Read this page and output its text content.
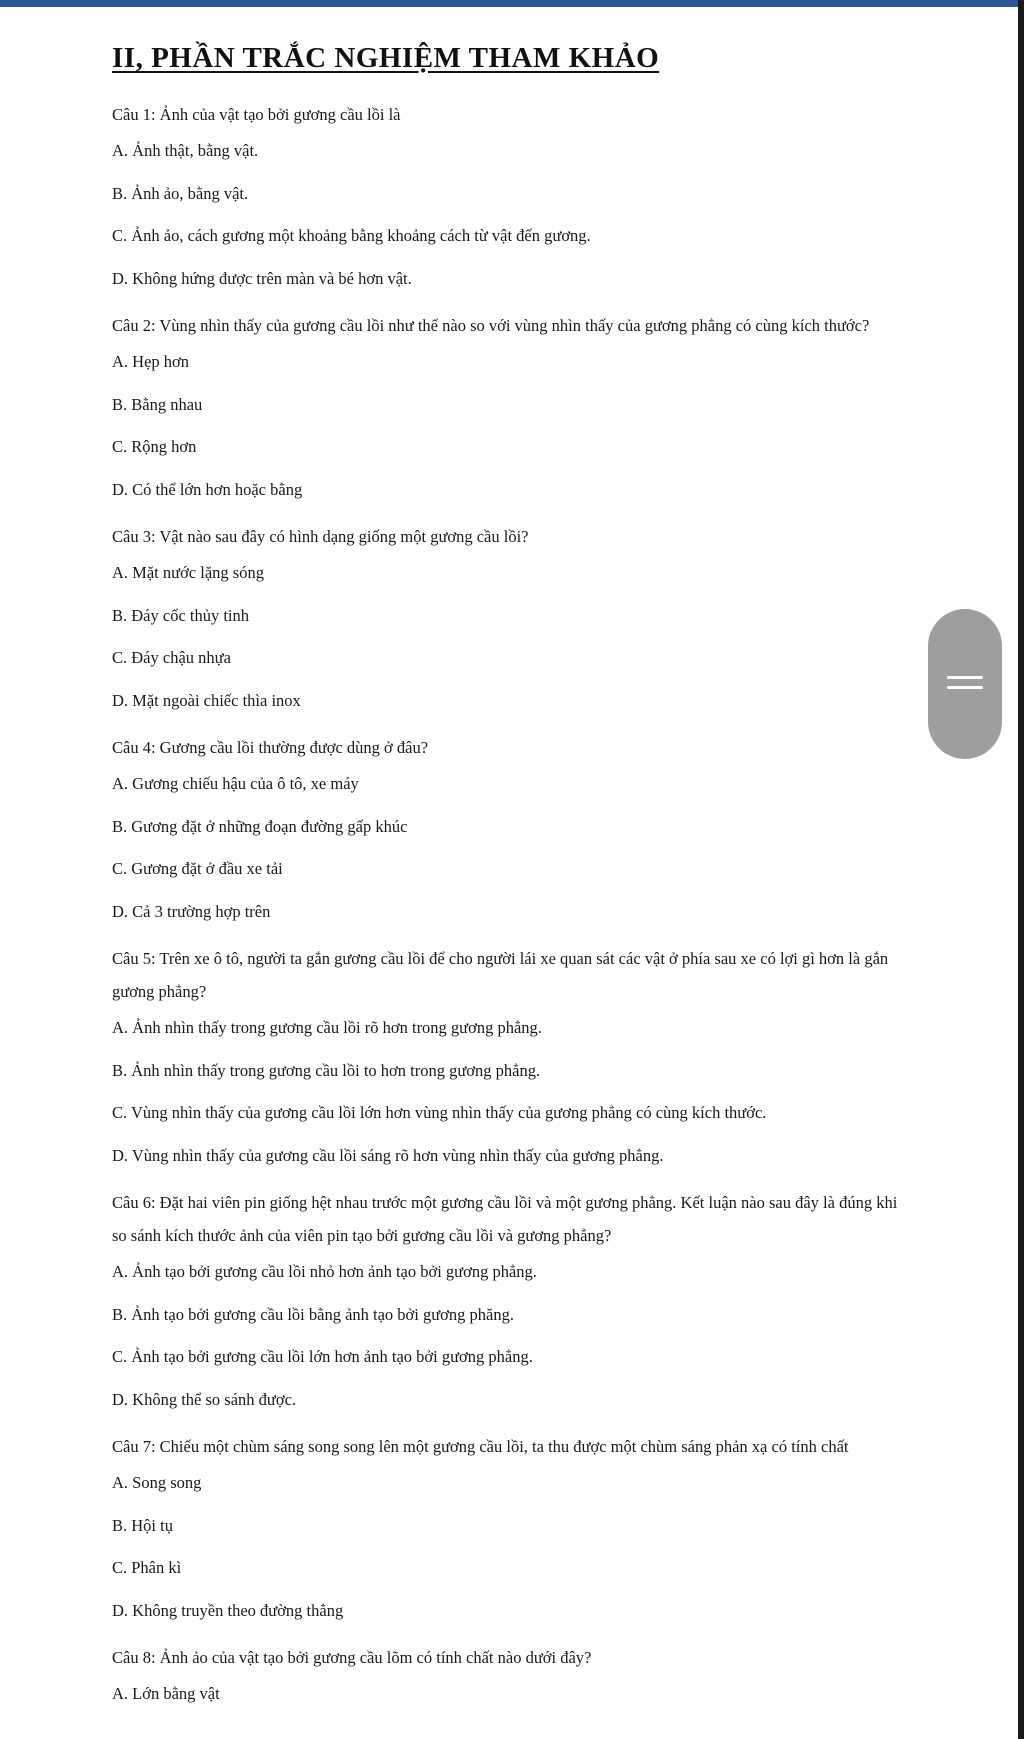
II, PHẦN TRẮC NGHIỆM THAM KHẢO

Câu 1: Ảnh của vật tạo bởi gương cầu lồi là

A. Ảnh thật, bằng vật.

B. Ảnh ảo, bằng vật.

C. Ảnh ảo, cách gương một khoảng bằng khoảng cách từ vật đến gương.

D. Không hứng được trên màn và bé hơn vật.

Câu 2: Vùng nhìn thấy của gương cầu lồi như thế nào so với vùng nhìn thấy của gương phẳng có cùng kích thước?

A. Hẹp hơn

B. Bằng nhau

C. Rộng hơn

D. Có thể lớn hơn hoặc bằng

Câu 3: Vật nào sau đây có hình dạng giống một gương cầu lồi?

A. Mặt nước lặng sóng

B. Đáy cốc thủy tinh

C. Đáy chậu nhựa

D. Mặt ngoài chiếc thìa inox

Câu 4: Gương cầu lồi thường được dùng ở đâu?

A. Gương chiếu hậu của ô tô, xe máy

B. Gương đặt ở những đoạn đường gấp khúc

C. Gương đặt ở đầu xe tải

D. Cả 3 trường hợp trên

Câu 5: Trên xe ô tô, người ta gắn gương cầu lồi để cho người lái xe quan sát các vật ở phía sau xe có lợi gì hơn là gắn gương phẳng?

A. Ảnh nhìn thấy trong gương cầu lồi rõ hơn trong gương phẳng.

B. Ảnh nhìn thấy trong gương cầu lồi to hơn trong gương phẳng.

C. Vùng nhìn thấy của gương cầu lồi lớn hơn vùng nhìn thấy của gương phẳng có cùng kích thước.

D. Vùng nhìn thấy của gương cầu lồi sáng rõ hơn vùng nhìn thấy của gương phẳng.

Câu 6: Đặt hai viên pin giống hệt nhau trước một gương cầu lồi và một gương phẳng. Kết luận nào sau đây là đúng khi so sánh kích thước ảnh của viên pin tạo bởi gương cầu lồi và gương phẳng?

A. Ảnh tạo bởi gương cầu lồi nhỏ hơn ảnh tạo bởi gương phẳng.

B. Ảnh tạo bởi gương cầu lồi bằng ảnh tạo bởi gương phăng.

C. Ảnh tạo bởi gương cầu lồi lớn hơn ảnh tạo bởi gương phẳng.

D. Không thể so sánh được.

Câu 7: Chiếu một chùm sáng song song lên một gương cầu lồi, ta thu được một chùm sáng phản xạ có tính chất

A. Song song

B. Hội tụ

C. Phân kì

D. Không truyền theo đường thẳng

Câu 8: Ảnh ảo của vật tạo bởi gương cầu lõm có tính chất nào dưới đây?

A. Lớn bằng vật
